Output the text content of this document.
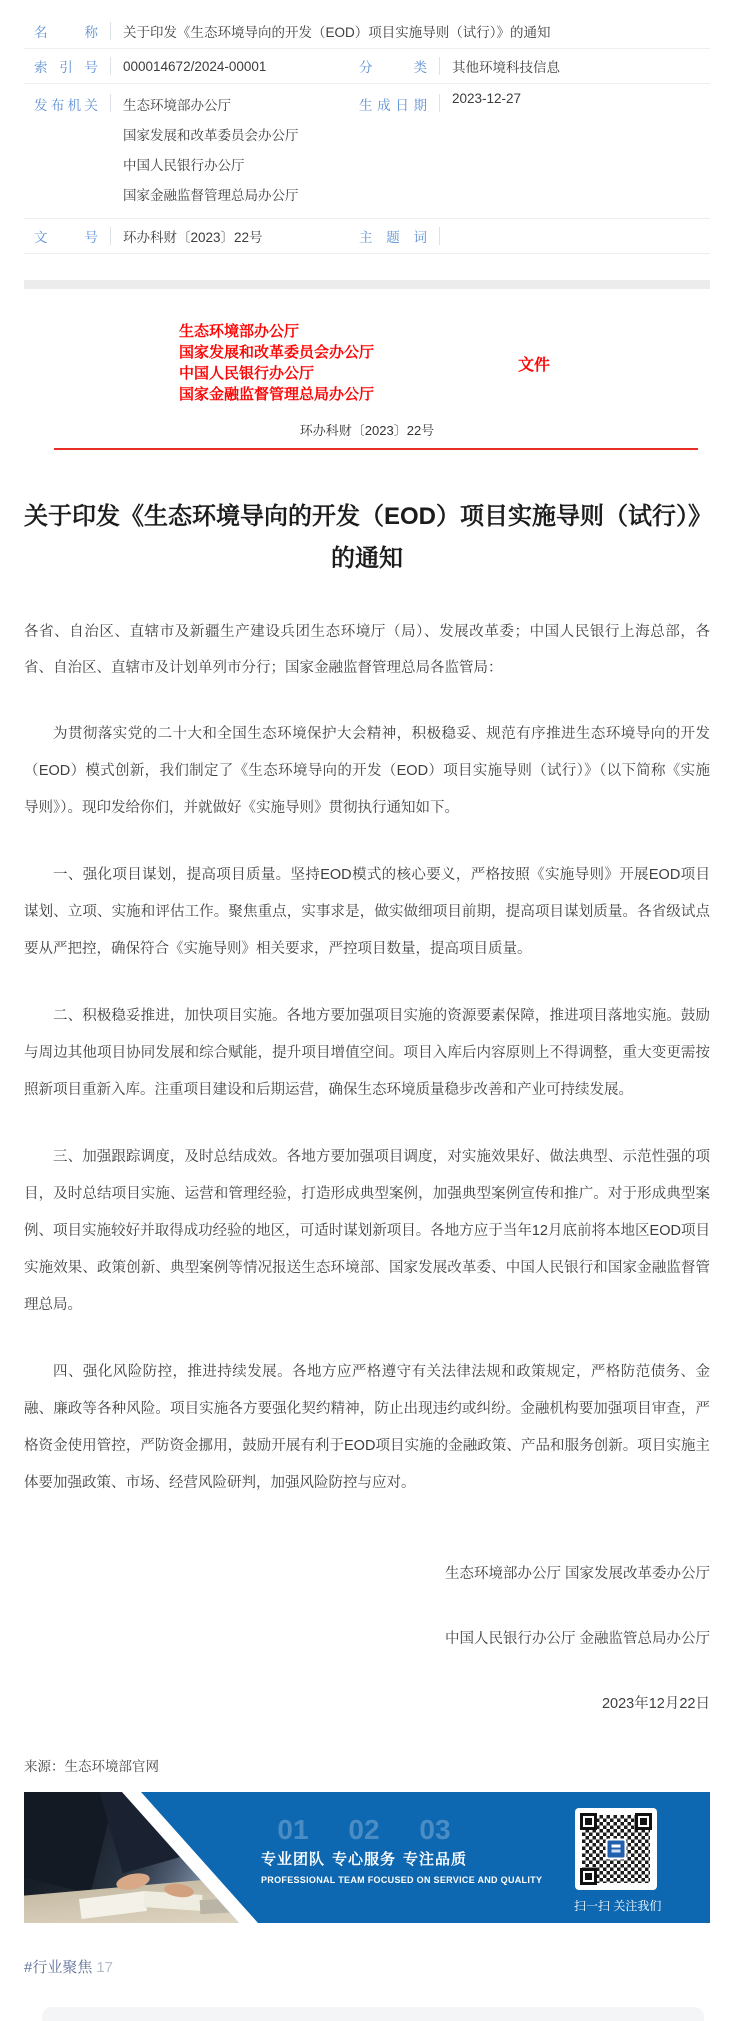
名称 关于印发《生态环境导向的开发（EOD）项目实施导则（试行）》的通知
索引号 000014672/2024-00001	分类 其他环境科技信息
发布机关 生态环境部办公厅
国家发展和改革委员会办公厅
中国人民银行办公厅
国家金融监督管理总局办公厅
生成日期 2023-12-27
文号 环办科财〔2023〕22号	主题词
生态环境部办公厅
国家发展和改革委员会办公厅
中国人民银行办公厅
国家金融监督管理总局办公厅
文件
环办科财〔2023〕22号
关于印发《生态环境导向的开发（EOD）项目实施导则（试行）》
的通知
各省、自治区、直辖市及新疆生产建设兵团生态环境厅（局）、发展改革委；中国人民银行上海总部，各省、自治区、直辖市及计划单列市分行；国家金融监督管理总局各监管局：

为贯彻落实党的二十大和全国生态环境保护大会精神，积极稳妥、规范有序推进生态环境导向的开发（EOD）模式创新，我们制定了《生态环境导向的开发（EOD）项目实施导则（试行）》（以下简称《实施导则》）。现印发给你们，并就做好《实施导则》贯彻执行通知如下。

一、强化项目谋划，提高项目质量。坚持EOD模式的核心要义，严格按照《实施导则》开展EOD项目谋划、立项、实施和评估工作。聚焦重点，实事求是，做实做细项目前期，提高项目谋划质量。各省级试点要从严把控，确保符合《实施导则》相关要求，严控项目数量，提高项目质量。

二、积极稳妥推进，加快项目实施。各地方要加强项目实施的资源要素保障，推进项目落地实施。鼓励与周边其他项目协同发展和综合赋能，提升项目增值空间。项目入库后内容原则上不得调整，重大变更需按照新项目重新入库。注重项目建设和后期运营，确保生态环境质量稳步改善和产业可持续发展。

三、加强跟踪调度，及时总结成效。各地方要加强项目调度，对实施效果好、做法典型、示范性强的项目，及时总结项目实施、运营和管理经验，打造形成典型案例，加强典型案例宣传和推广。对于形成典型案例、项目实施较好并取得成功经验的地区，可适时谋划新项目。各地方应于当年12月底前将本地区EOD项目实施效果、政策创新、典型案例等情况报送生态环境部、国家发展改革委、中国人民银行和国家金融监督管理总局。

四、强化风险防控，推进持续发展。各地方应严格遵守有关法律法规和政策规定，严格防范债务、金融、廉政等各种风险。项目实施各方要强化契约精神，防止出现违约或纠纷。金融机构要加强项目审查，严格资金使用管控，严防资金挪用，鼓励开展有利于EOD项目实施的金融政策、产品和服务创新。项目实施主体要加强政策、市场、经营风险研判，加强风险防控与应对。

生态环境部办公厅 国家发展改革委办公厅
中国人民银行办公厅 金融监管总局办公厅
2023年12月22日
来源：生态环境部官网
01
专业团队
02
专心服务
03
专注品质
PROFESSIONAL TEAM FOCUSED ON SERVICE AND QUALITY
扫一扫 关注我们
#行业聚焦 17
